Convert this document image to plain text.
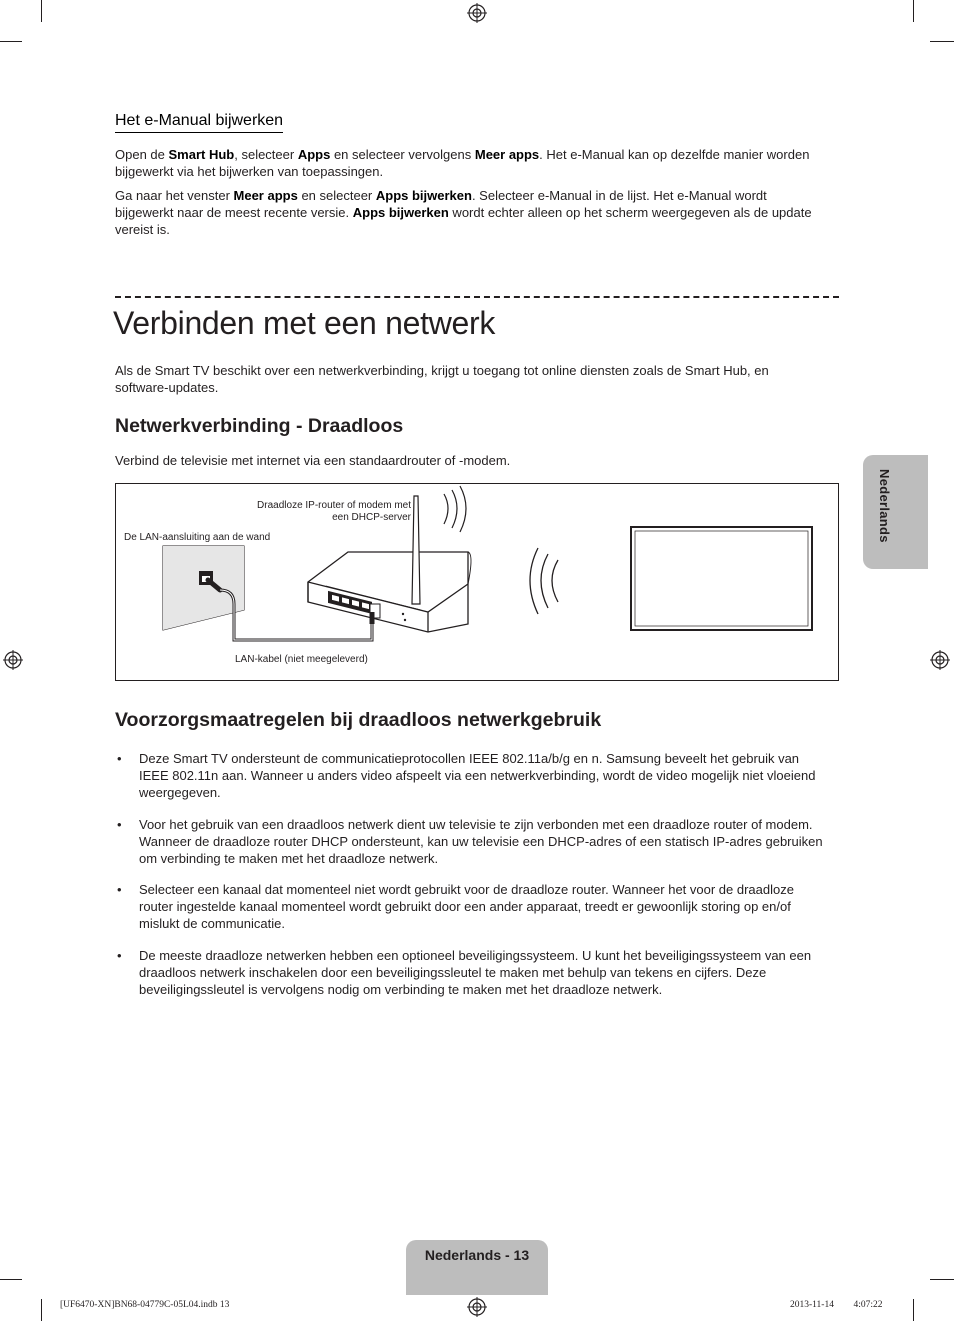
Het e-Manual bijwerken

Open de Smart Hub, selecteer Apps en selecteer vervolgens Meer apps. Het e-Manual kan op dezelfde manier worden bijgewerkt via het bijwerken van toepassingen.

Ga naar het venster Meer apps en selecteer Apps bijwerken. Selecteer e-Manual in de lijst. Het e-Manual wordt bijgewerkt naar de meest recente versie. Apps bijwerken wordt echter alleen op het scherm weergegeven als de update vereist is.

Verbinden met een netwerk

Als de Smart TV beschikt over een netwerkverbinding, krijgt u toegang tot online diensten zoals de Smart Hub, en software-updates.

Netwerkverbinding - Draadloos

Verbind de televisie met internet via een standaardrouter of -modem.

Draadloze IP-router of modem met
een DHCP-server
De LAN-aansluiting aan de wand
LAN-kabel (niet meegeleverd)
Voorzorgsmaatregelen bij draadloos netwerkgebruik
• Deze Smart TV ondersteunt de communicatieprotocollen IEEE 802.11a/b/g en n. Samsung beveelt het gebruik van IEEE 802.11n aan. Wanneer u anders video afspeelt via een netwerkverbinding, wordt de video mogelijk niet vloeiend weergegeven.
• Voor het gebruik van een draadloos netwerk dient uw televisie te zijn verbonden met een draadloze router of modem. Wanneer de draadloze router DHCP ondersteunt, kan uw televisie een DHCP-adres of een statisch IP-adres gebruiken om verbinding te maken met het draadloze netwerk.
• Selecteer een kanaal dat momenteel niet wordt gebruikt voor de draadloze router. Wanneer het voor de draadloze router ingestelde kanaal momenteel wordt gebruikt door een ander apparaat, treedt er gewoonlijk storing op en/of mislukt de communicatie.
• De meeste draadloze netwerken hebben een optioneel beveiligingssysteem. U kunt het beveiligingssysteem van een draadloos netwerk inschakelen door een beveiligingssleutel te maken met behulp van tekens en cijfers. Deze beveiligingssleutel is vervolgens nodig om verbinding te maken met het draadloze netwerk.
Nederlands
Nederlands - 13
[UF6470-XN]BN68-04779C-05L04.indb 13	2013-11-14 ￿￿ 4:07:22
